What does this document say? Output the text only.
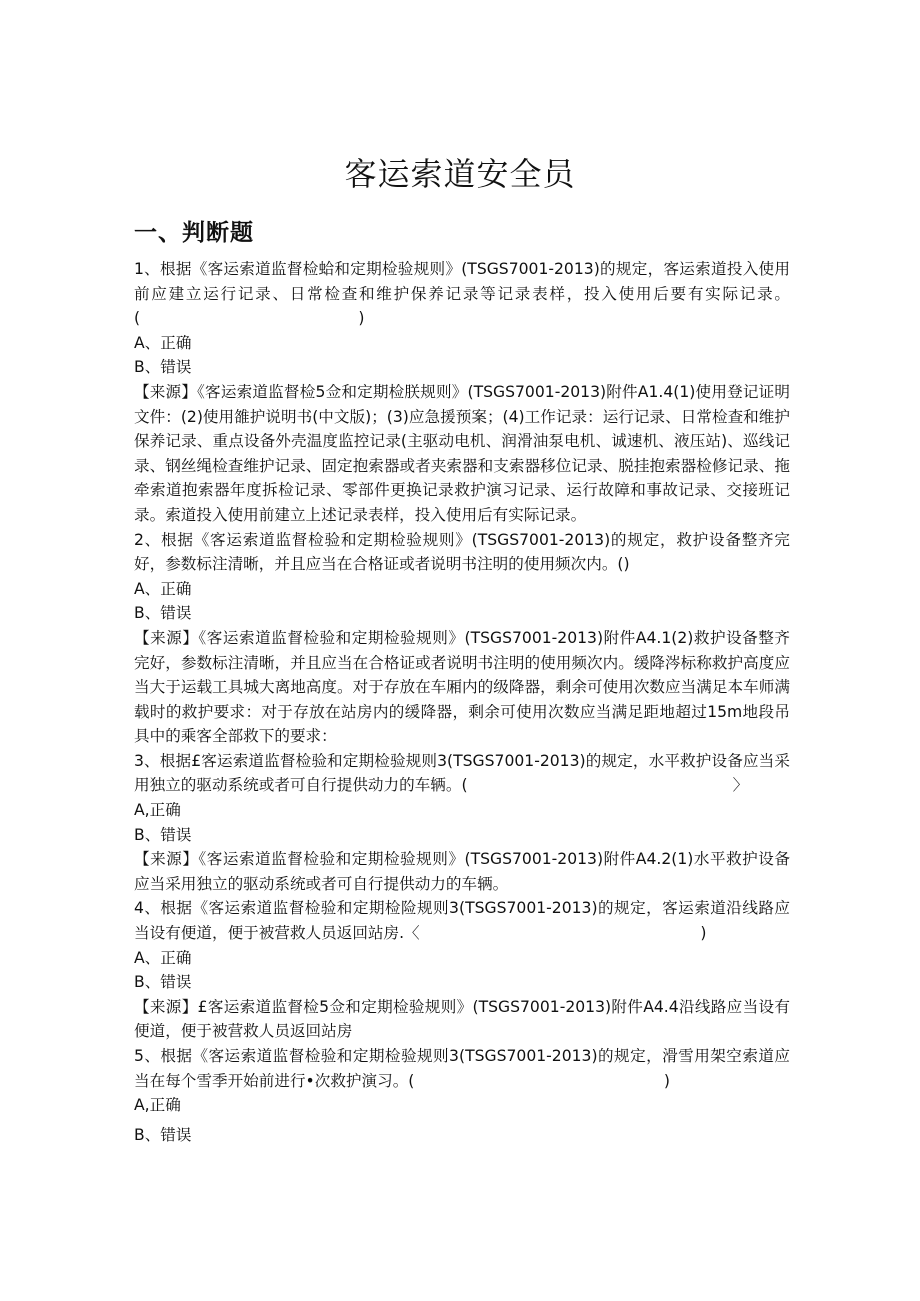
客运索道安全员
一、判断题

1、根据《客运索道监督检蛤和定期检验规则》(TSGS7001-2013)的规定，客运索道投入使用前应建立运行记录、日常检查和维护保养记录等记录表样，投入使用后要有实际记录。(　　　　　　　　　　　　　　)

A、正确

B、错误

【来源】《客运索道监督检5佥和定期检朕规则》(TSGS7001-2013)附件A1.4(1)使用登记证明文件：(2)使用雒护说明书(中文版)；(3)应急援预案；(4)工作记录：运行记录、日常检查和维护保养记录、重点设备外壳温度监控记录(主驱动电机、润滑油泵电机、诚速机、液压站)、巡线记录、钢丝绳检查维护记录、固定抱索器或者夹索器和支索器移位记录、脱挂抱索器检修记录、拖牵索道抱索器年度拆检记录、零部件更换记录救护演习记录、运行故障和事故记录、交接班记录。索道投入使用前建立上述记录表样，投入使用后有实际记录。

2、根据《客运索道监督检验和定期检验规则》(TSGS7001-2013)的规定，救护设备整齐完好，参数标注清晰，并且应当在合格证或者说明书注明的使用频次内。()

A、正确

B、错误

【来源】《客运索道监督检验和定期检验规则》(TSGS7001-2013)附件A4.1(2)救护设备整齐完好，参数标注清晰，并且应当在合格证或者说明书注明的使用频次内。缓降涔标称救护高度应当大于运载工具城大离地高度。对于存放在车厢内的级降器，剩余可使用次数应当满足本车师满载时的救护要求：对于存放在站房内的缓降器，剩余可使用次数应当满足距地超过15m地段吊具中的乘客全部救下的要求：

3、根据£客运索道监督检验和定期检验规则3(TSGS7001-2013)的规定，水平救护设备应当采用独立的驱动系统或者可自行提供动力的车辆。(　　　　　　　　　　　　　　　　　〉

A,正确

B、错误

【来源】《客运索道监督检验和定期检验规则》(TSGS7001-2013)附件A4.2(1)水平救护设备应当采用独立的驱动系统或者可自行提供动力的车辆。

4、根据《客运索道监督检验和定期检险规则3(TSGS7001-2013)的规定，客运索道沿线路应当设有便道，便于被营救人员返回站房.〈　　　　　　　　　　　　　　　　　　)

A、正确

B、错误

【来源】£客运索道监督检5佥和定期检验规则》(TSGS7001-2013)附件A4.4沿线路应当设有便道，便于被营救人员返回站房

5、根据《客运索道监督检验和定期检验规则3(TSGS7001-2013)的规定，滑雪用架空索道应当在每个雪季开始前进行•次救护演习。(　　　　　　　　　　　　　　　　)

A,正确

B、错误
